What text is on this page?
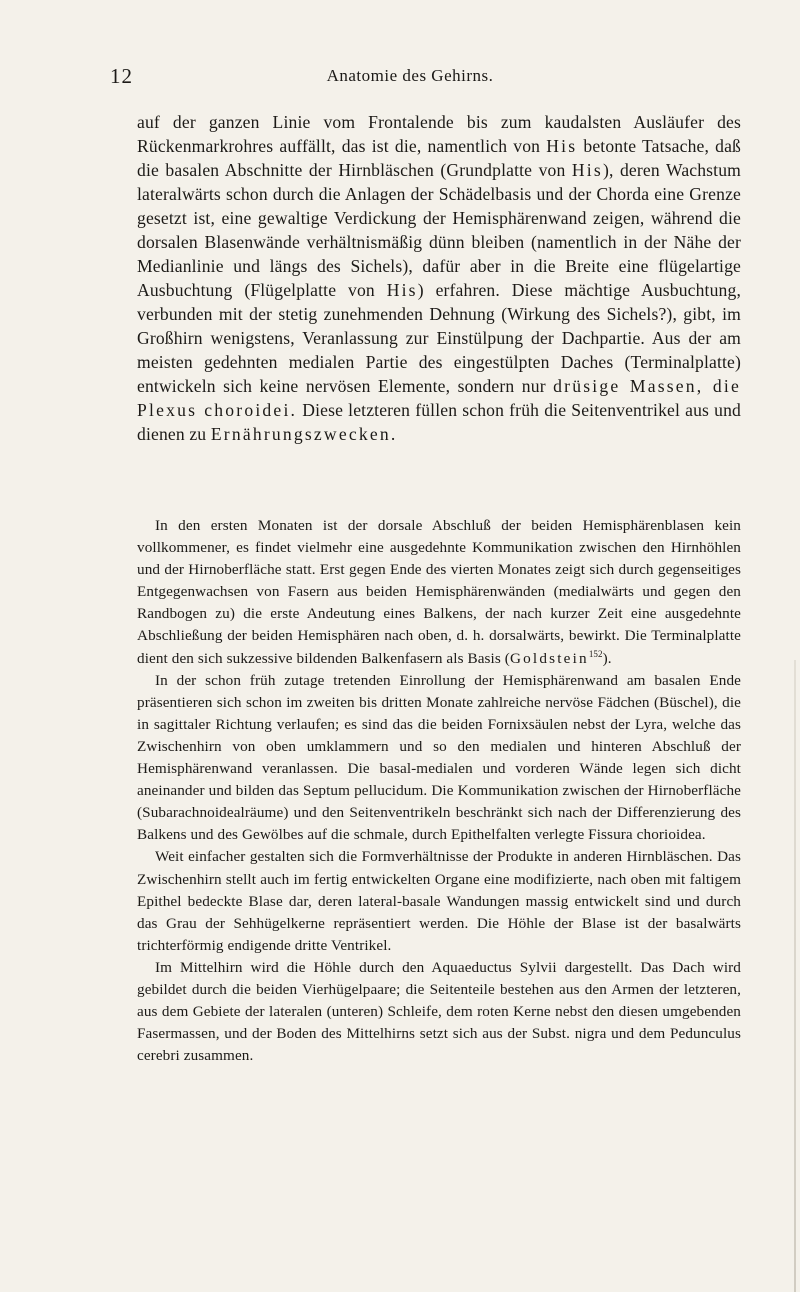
12	Anatomie des Gehirns.

auf der ganzen Linie vom Frontalende bis zum kaudalsten Ausläufer des Rückenmarkrohres auffällt, das ist die, namentlich von His betonte Tatsache, daß die basalen Abschnitte der Hirnbläschen (Grundplatte von His), deren Wachstum lateralwärts schon durch die Anlagen der Schädelbasis und der Chorda eine Grenze gesetzt ist, eine gewaltige Verdickung der Hemisphärenwand zeigen, während die dorsalen Blasenwände verhältnismäßig dünn bleiben (namentlich in der Nähe der Medianlinie und längs des Sichels), dafür aber in die Breite eine flügelartige Ausbuchtung (Flügelplatte von His) erfahren. Diese mächtige Ausbuchtung, verbunden mit der stetig zunehmenden Dehnung (Wirkung des Sichels?), gibt, im Großhirn wenigstens, Veranlassung zur Einstülpung der Dachpartie. Aus der am meisten gedehnten medialen Partie des eingestülpten Daches (Terminalplatte) entwickeln sich keine nervösen Elemente, sondern nur drüsige Massen, die Plexus choroidei. Diese letzteren füllen schon früh die Seitenventrikel aus und dienen zu Ernährungszwecken.

In den ersten Monaten ist der dorsale Abschluß der beiden Hemisphärenblasen kein vollkommener, es findet vielmehr eine ausgedehnte Kommunikation zwischen den Hirnhöhlen und der Hirnoberfläche statt. Erst gegen Ende des vierten Monates zeigt sich durch gegenseitiges Entgegenwachsen von Fasern aus beiden Hemisphärenwänden (medialwärts und gegen den Randbogen zu) die erste Andeutung eines Balkens, der nach kurzer Zeit eine ausgedehnte Abschließung der beiden Hemisphären nach oben, d. h. dorsalwärts, bewirkt. Die Terminalplatte dient den sich sukzessive bildenden Balkenfasern als Basis (Goldstein$^{152}$).

In der schon früh zutage tretenden Einrollung der Hemisphärenwand am basalen Ende präsentieren sich schon im zweiten bis dritten Monate zahlreiche nervöse Fädchen (Büschel), die in sagittaler Richtung verlaufen; es sind das die beiden Fornixsäulen nebst der Lyra, welche das Zwischenhirn von oben umklammern und so den medialen und hinteren Abschluß der Hemisphärenwand veranlassen. Die basal-medialen und vorderen Wände legen sich dicht aneinander und bilden das Septum pellucidum. Die Kommunikation zwischen der Hirnoberfläche (Subarachnoidealräume) und den Seitenventrikeln beschränkt sich nach der Differenzierung des Balkens und des Gewölbes auf die schmale, durch Epithelfalten verlegte Fissura chorioidea.

Weit einfacher gestalten sich die Formverhältnisse der Produkte in anderen Hirnbläschen. Das Zwischenhirn stellt auch im fertig entwickelten Organe eine modifizierte, nach oben mit faltigem Epithel bedeckte Blase dar, deren lateral-basale Wandungen massig entwickelt sind und durch das Grau der Sehhügelkerne repräsentiert werden. Die Höhle der Blase ist der basalwärts trichterförmig endigende dritte Ventrikel.

Im Mittelhirn wird die Höhle durch den Aquaeductus Sylvii dargestellt. Das Dach wird gebildet durch die beiden Vierhügelpaare; die Seitenteile bestehen aus den Armen der letzteren, aus dem Gebiete der lateralen (unteren) Schleife, dem roten Kerne nebst den diesen umgebenden Fasermassen, und der Boden des Mittelhirns setzt sich aus der Subst. nigra und dem Pedunculus cerebri zusammen.
